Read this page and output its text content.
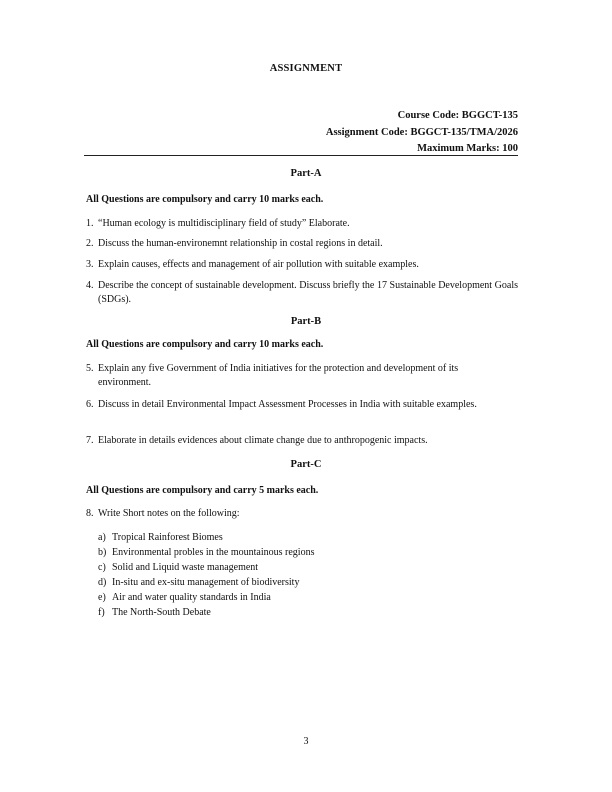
ASSIGNMENT
Course Code: BGGCT-135
Assignment Code: BGGCT-135/TMA/2026
Maximum Marks: 100
Part-A
All Questions are compulsory and carry 10 marks each.
1. “Human ecology is multidisciplinary field of study” Elaborate.
2. Discuss the human-environemnt relationship in costal regions in detail.
3. Explain causes, effects and management of air pollution with suitable examples.
4. Describe the concept of sustainable development. Discuss briefly the 17 Sustainable Development Goals (SDGs).
Part-B
All Questions are compulsory and carry 10 marks each.
5. Explain any five Government of India initiatives for the protection and development of its environment.
6. Discuss in detail Environmental Impact Assessment Processes in India with suitable examples.
7. Elaborate in details evidences about climate change due to anthropogenic impacts.
Part-C
All Questions are compulsory and carry 5 marks each.
8. Write Short notes on the following:
a) Tropical Rainforest Biomes
b) Environmental probles in the mountainous regions
c) Solid and Liquid waste management
d) In-situ and ex-situ management of biodiversity
e) Air and water quality standards in India
f) The North-South Debate
3
